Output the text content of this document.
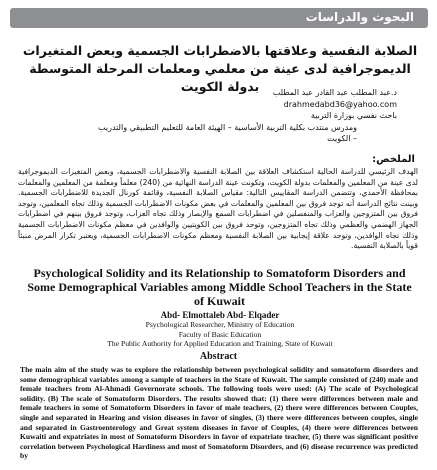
البحوث والدراسات
الصلابة النفسية وعلاقتها بالاضطرابات الجسمية وبعض المتغيرات الديموجرافية لدى عينة من معلمي ومعلمات المرحلة المتوسطة بدولة الكويت	د.عبد المطلب عبد القادر عبد المطلب
drahmedabd36@yahoo.com
باحث نفسي بوزارة التربية
ومدرس منتدب بكلية التربية الأساسية – الهيئة العامة للتعليم التطبيقي والتدريب – الكويت
الملخص:
الهدف الرئيسي للدراسة الحالية استكشاف العلاقة بين الصلابة النفسية والاضطرابات الجسمية، وبعض المتغيرات الديموجرافية لدى عينة من المعلمين والمعلمات بدولة الكويت، وتكونت عينة الدراسة النهائية من (240) معلماً ومعلمة من المعلمين والمعلمات بمحافظة الأحمدي، وتتضمن الدراسة المقاييس التالية: مقياس الصلابة النفسية، وقائمة كورنال الجديدة للاضطرابات الجسمية. وبينت نتائج الدراسة أنه توجد فروق بين المعلمين والمعلمات في بعض مكونات الاضطرابات الجسمية وذلك تجاه المعلمين، وتوجد فروق بين المتزوجين والعزاب والمنفصلين في اضطرابات السمع والإبصار وذلك تجاه العزاب، وتوجد فروق بينهم في اضطرابات الجهاز الهضمي والعظمي وذلك تجاه المتزوجين، وتوجد فروق بين الكويتيين والوافدين في معظم مكونات الاضطرابات الجسمية وذلك تجاه الوافدين، وتوجد علاقة إيجابية بين الصلابة النفسية ومعظم مكونات الاضطرابات الجسمية، ويعتبر تكرار المرض منبئاً قوياً بالصلابة النفسية.
Psychological Solidity and its Relationship to Somatoform Disorders and Some Demographical Variables among Middle School Teachers in the State of Kuwait
Abd- Elmottaleb Abd- Elqader
Psychological Researcher, Ministry of Education
Faculty of Basic Education
The Public Authority for Applied Education and Training, State of Kuwait
Abstract
The main aim of the study was to explore the relationship between psychological solidity and somatoform disorders and some demographical variables among a sample of teachers in the State of Kuwait. The sample consisted of (240) male and female teachers from Al-Ahmadi Governorate schools. The following tools were used: (A) The scale of Psychological solidity. (B) The scale of Somatoform Disorders. The results showed that: (1) there were differences between male and female teachers in some of Somatoform Disorders in favor of male teachers, (2) there were differences between Couples, single and separated in Hearing and vision diseases in favor of singles, (3) there were differences between couples, single and separated in Gastroenterology and Great system diseases in favor of Couples, (4) there were differences between Kuwaiti and expatriates in most of Somatoform Disorders in favor of expatriate teacher, (5) there was significant positive correlation between Psychological Hardiness and most of Somatoform Disorders, and (6) disease recurrence was predicted by
